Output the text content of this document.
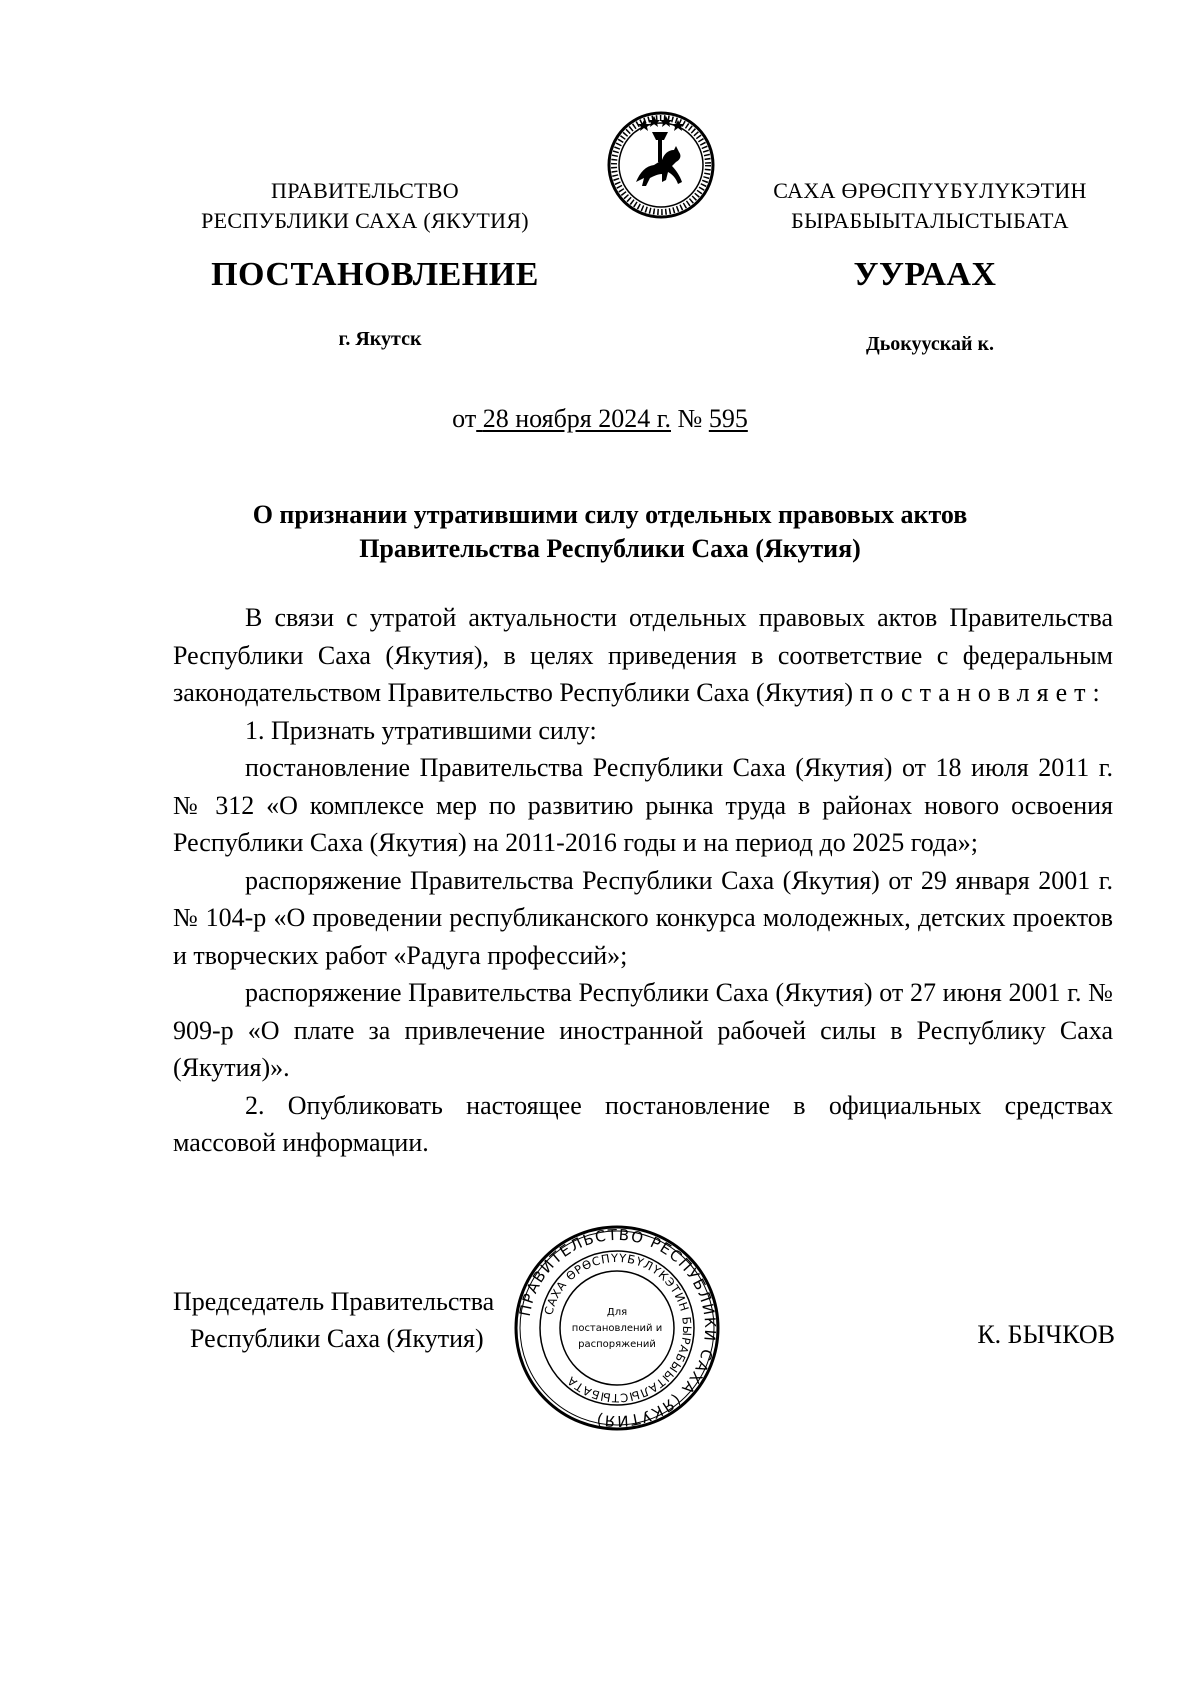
ПРАВИТЕЛЬСТВО
РЕСПУБЛИКИ САХА (ЯКУТИЯ)
САХА ӨРӨСПҮҮБҮЛҮКЭТИН
БЫРАБЫЫТАЛЫСТЫБАТА
ПОСТАНОВЛЕНИЕ	УУРААХ
г. Якутск	Дьокуускай к.
от 28 ноября 2024 г. № 595
О признании утратившими силу отдельных правовых актов
Правительства Республики Саха (Якутия)

В связи с утратой актуальности отдельных правовых актов Правительства Республики Саха (Якутия), в целях приведения в соответствие с федеральным законодательством Правительство Республики Саха (Якутия) постановляет:

1. Признать утратившими силу:

постановление Правительства Республики Саха (Якутия) от 18 июля 2011 г. № 312 «О комплексе мер по развитию рынка труда в районах нового освоения Республики Саха (Якутия) на 2011-2016 годы и на период до 2025 года»;

распоряжение Правительства Республики Саха (Якутия) от 29 января 2001 г. № 104-р «О проведении республиканского конкурса молодежных, детских проектов и творческих работ «Радуга профессий»;

распоряжение Правительства Республики Саха (Якутия) от 27 июня 2001 г. № 909-р «О плате за привлечение иностранной рабочей силы в Республику Саха (Якутия)».

2. Опубликовать настоящее постановление в официальных средствах массовой информации.

Председатель Правительства
Республики Саха (Якутия)	К. БЫЧКОВ
ПРАВИТЕЛЬСТВО РЕСПУБЛИКИ САХА (ЯКУТИЯ)
САХА ӨРӨСПҮҮБҮЛҮКЭТИН БЫРАБЫЫТАЛЫСТЫБАТА
Для
постановлений и
распоряжений
